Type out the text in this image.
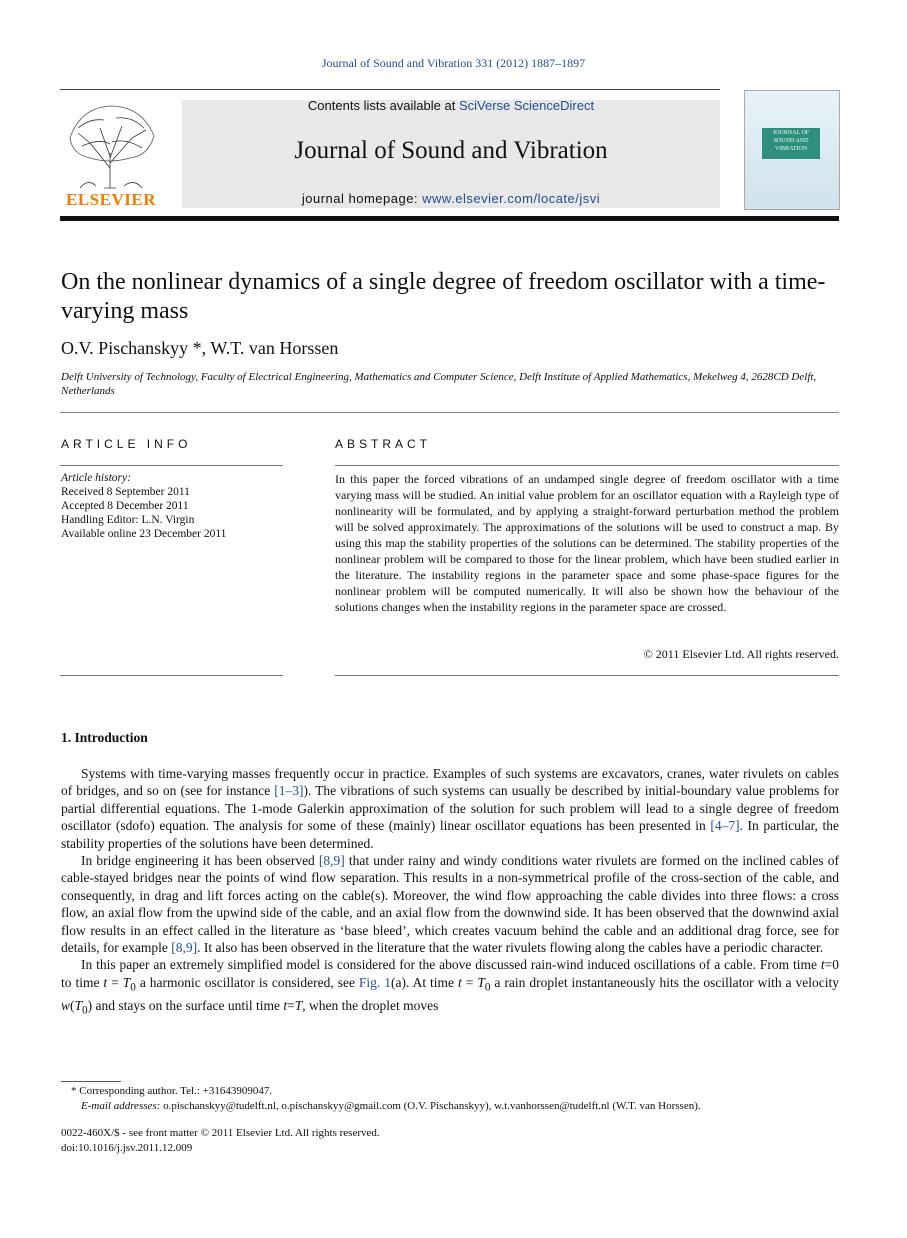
Journal of Sound and Vibration 331 (2012) 1887–1897
ELSEVIER
Contents lists available at SciVerse ScienceDirect
Journal of Sound and Vibration
journal homepage: www.elsevier.com/locate/jsvi
JOURNAL OF SOUND AND VIBRATION
On the nonlinear dynamics of a single degree of freedom oscillator with a time-varying mass
O.V. Pischanskyy *, W.T. van Horssen
Delft University of Technology, Faculty of Electrical Engineering, Mathematics and Computer Science, Delft Institute of Applied Mathematics, Mekelweg 4, 2628CD Delft, Netherlands
ARTICLE INFO	ABSTRACT
Article history:
Received 8 September 2011
Accepted 8 December 2011
Handling Editor: L.N. Virgin
Available online 23 December 2011
In this paper the forced vibrations of an undamped single degree of freedom oscillator with a time varying mass will be studied. An initial value problem for an oscillator equation with a Rayleigh type of nonlinearity will be formulated, and by applying a straight-forward perturbation method the problem will be solved approximately. The approximations of the solutions will be used to construct a map. By using this map the stability properties of the solutions can be determined. The stability properties of the nonlinear problem will be compared to those for the linear problem, which have been studied earlier in the literature. The instability regions in the parameter space and some phase-space figures for the nonlinear problem will be computed numerically. It will also be shown how the behaviour of the solutions changes when the instability regions in the parameter space are crossed.
© 2011 Elsevier Ltd. All rights reserved.
1. Introduction

Systems with time-varying masses frequently occur in practice. Examples of such systems are excavators, cranes, water rivulets on cables of bridges, and so on (see for instance [1–3]). The vibrations of such systems can usually be described by initial-boundary value problems for partial differential equations. The 1-mode Galerkin approximation of the solution for such problem will lead to a single degree of freedom oscillator (sdofo) equation. The analysis for some of these (mainly) linear oscillator equations has been presented in [4–7]. In particular, the stability properties of the solutions have been determined.

In bridge engineering it has been observed [8,9] that under rainy and windy conditions water rivulets are formed on the inclined cables of cable-stayed bridges near the points of wind flow separation. This results in a non-symmetrical profile of the cross-section of the cable, and consequently, in drag and lift forces acting on the cable(s). Moreover, the wind flow approaching the cable divides into three flows: a cross flow, an axial flow from the upwind side of the cable, and an axial flow from the downwind side. It has been observed that the downwind axial flow results in an effect called in the literature as ‘base bleed’, which creates vacuum behind the cable and an additional drag force, see for details, for example [8,9]. It also has been observed in the literature that the water rivulets flowing along the cables have a periodic character.

In this paper an extremely simplified model is considered for the above discussed rain-wind induced oscillations of a cable. From time t=0 to time $t = T_0$ a harmonic oscillator is considered, see Fig. 1(a). At time $t = T_0$ a rain droplet instantaneously hits the oscillator with a velocity $w(T_0)$ and stays on the surface until time t=T, when the droplet moves

* Corresponding author. Tel.: +31643909047.
E-mail addresses: o.pischanskyy@tudelft.nl, o.pischanskyy@gmail.com (O.V. Pischanskyy), w.t.vanhorssen@tudelft.nl (W.T. van Horssen).
0022-460X/$ - see front matter © 2011 Elsevier Ltd. All rights reserved.
doi:10.1016/j.jsv.2011.12.009
